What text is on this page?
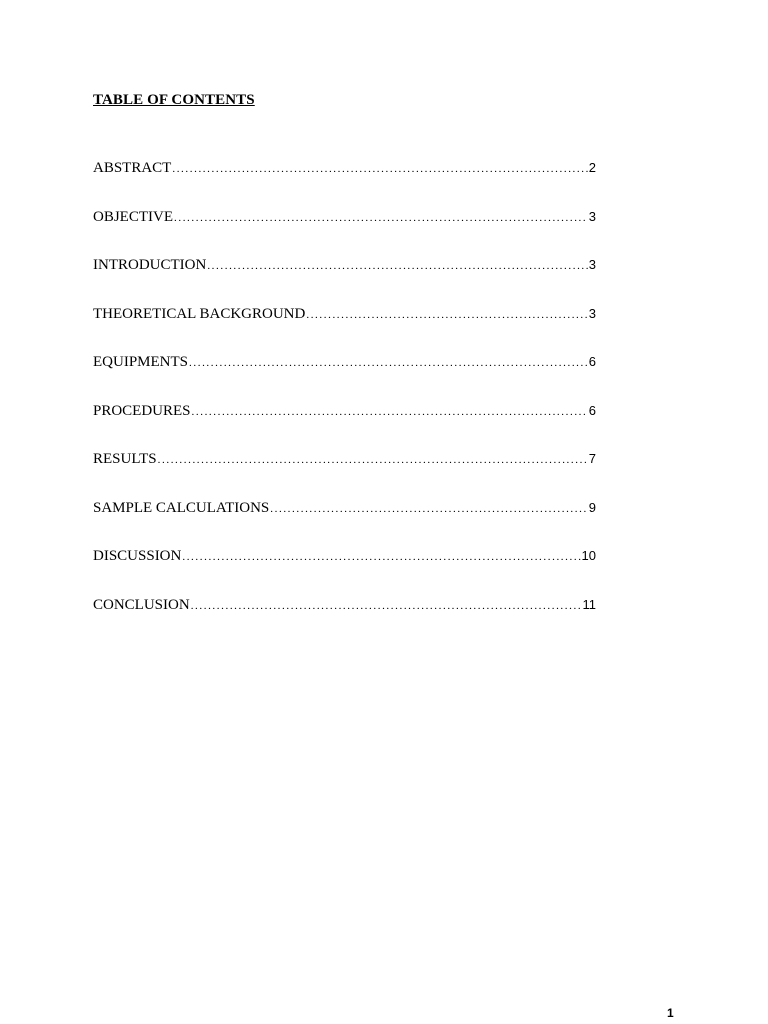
TABLE OF CONTENTS
ABSTRACT .....	2
OBJECTIVE .....	3
INTRODUCTION .....	3
THEORETICAL BACKGROUND .....	3
EQUIPMENTS .....	6
PROCEDURES .....	6
RESULTS .....	7
SAMPLE CALCULATIONS .....	9
DISCUSSION .....	10
CONCLUSION .....	11
1
